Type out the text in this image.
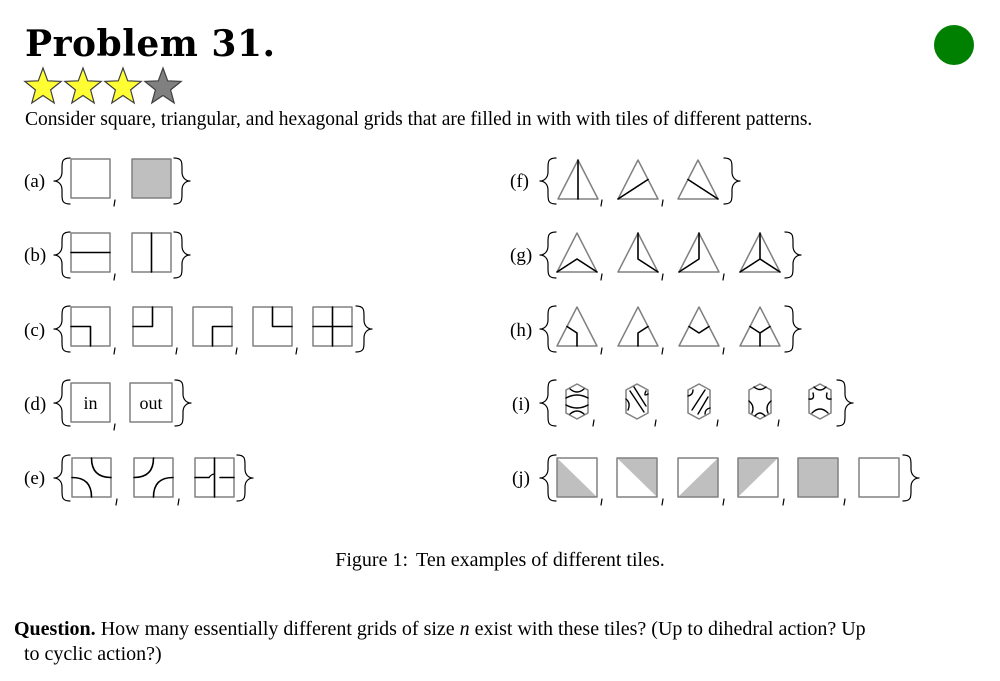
Problem 31.
Consider square, triangular, and hexagonal grids that are filled in with with tiles of different patterns.
(a)
(b)
(c)
(d)
(e)
(f)
(g)
(h)
(i)
(j)
in out
Figure 1: Ten examples of different tiles.
Question. How many essentially different grids of size n exist with these tiles? (Up to dihedral action? Up
to cyclic action?)
